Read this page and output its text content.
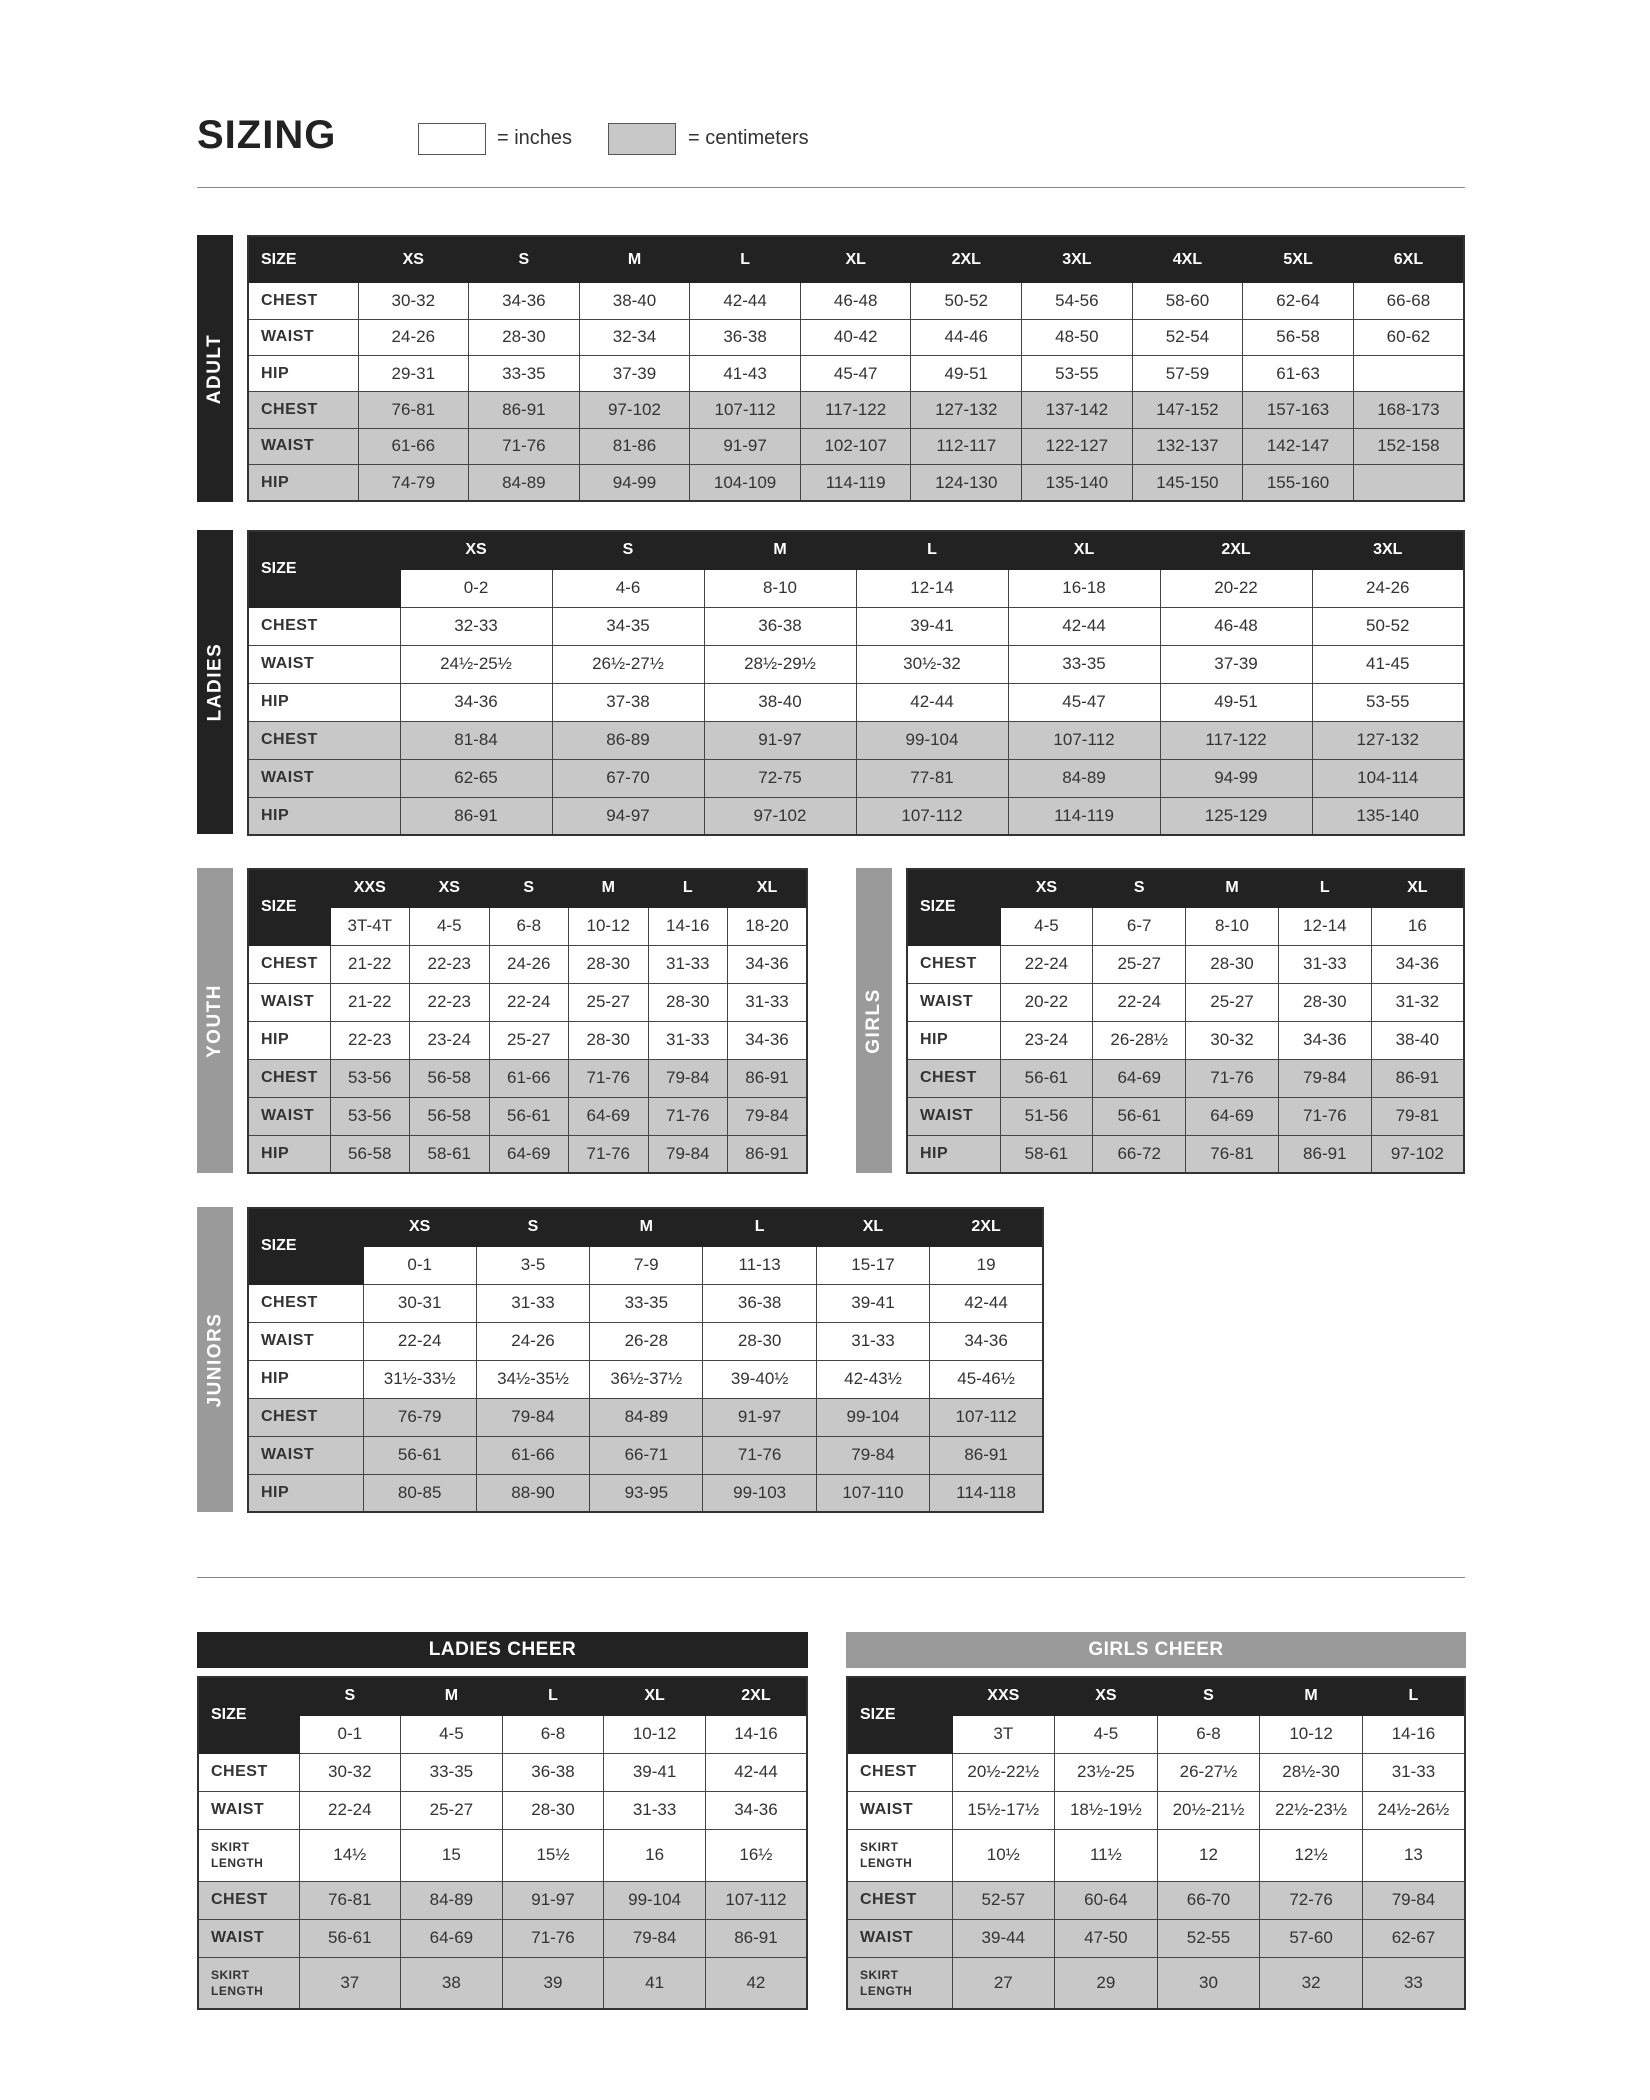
SIZING	= inches	= centimeters
ADULT
SIZE	XS	S	M	L	XL	2XL	3XL	4XL	5XL	6XL
CHEST	30-32	34-36	38-40	42-44	46-48	50-52	54-56	58-60	62-64	66-68
WAIST	24-26	28-30	32-34	36-38	40-42	44-46	48-50	52-54	56-58	60-62
HIP	29-31	33-35	37-39	41-43	45-47	49-51	53-55	57-59	61-63	
CHEST	76-81	86-91	97-102	107-112	117-122	127-132	137-142	147-152	157-163	168-173
WAIST	61-66	71-76	81-86	91-97	102-107	112-117	122-127	132-137	142-147	152-158
HIP	74-79	84-89	94-99	104-109	114-119	124-130	135-140	145-150	155-160	
LADIES
SIZE	XS	S	M	L	XL	2XL	3XL
	0-2	4-6	8-10	12-14	16-18	20-22	24-26
CHEST	32-33	34-35	36-38	39-41	42-44	46-48	50-52
WAIST	24½-25½	26½-27½	28½-29½	30½-32	33-35	37-39	41-45
HIP	34-36	37-38	38-40	42-44	45-47	49-51	53-55
CHEST	81-84	86-89	91-97	99-104	107-112	117-122	127-132
WAIST	62-65	67-70	72-75	77-81	84-89	94-99	104-114
HIP	86-91	94-97	97-102	107-112	114-119	125-129	135-140
YOUTH
SIZE	XXS	XS	S	M	L	XL
	3T-4T	4-5	6-8	10-12	14-16	18-20
CHEST	21-22	22-23	24-26	28-30	31-33	34-36
WAIST	21-22	22-23	22-24	25-27	28-30	31-33
HIP	22-23	23-24	25-27	28-30	31-33	34-36
CHEST	53-56	56-58	61-66	71-76	79-84	86-91
WAIST	53-56	56-58	56-61	64-69	71-76	79-84
HIP	56-58	58-61	64-69	71-76	79-84	86-91
GIRLS
SIZE	XS	S	M	L	XL
	4-5	6-7	8-10	12-14	16
CHEST	22-24	25-27	28-30	31-33	34-36
WAIST	20-22	22-24	25-27	28-30	31-32
HIP	23-24	26-28½	30-32	34-36	38-40
CHEST	56-61	64-69	71-76	79-84	86-91
WAIST	51-56	56-61	64-69	71-76	79-81
HIP	58-61	66-72	76-81	86-91	97-102
JUNIORS
SIZE	XS	S	M	L	XL	2XL
	0-1	3-5	7-9	11-13	15-17	19
CHEST	30-31	31-33	33-35	36-38	39-41	42-44
WAIST	22-24	24-26	26-28	28-30	31-33	34-36
HIP	31½-33½	34½-35½	36½-37½	39-40½	42-43½	45-46½
CHEST	76-79	79-84	84-89	91-97	99-104	107-112
WAIST	56-61	61-66	66-71	71-76	79-84	86-91
HIP	80-85	88-90	93-95	99-103	107-110	114-118
LADIES CHEER
SIZE	S	M	L	XL	2XL
	0-1	4-5	6-8	10-12	14-16
CHEST	30-32	33-35	36-38	39-41	42-44
WAIST	22-24	25-27	28-30	31-33	34-36
SKIRT
LENGTH	14½	15	15½	16	16½
CHEST	76-81	84-89	91-97	99-104	107-112
WAIST	56-61	64-69	71-76	79-84	86-91
SKIRT
LENGTH	37	38	39	41	42
GIRLS CHEER
SIZE	XXS	XS	S	M	L
	3T	4-5	6-8	10-12	14-16
CHEST	20½-22½	23½-25	26-27½	28½-30	31-33
WAIST	15½-17½	18½-19½	20½-21½	22½-23½	24½-26½
SKIRT
LENGTH	10½	11½	12	12½	13
CHEST	52-57	60-64	66-70	72-76	79-84
WAIST	39-44	47-50	52-55	57-60	62-67
SKIRT
LENGTH	27	29	30	32	33
